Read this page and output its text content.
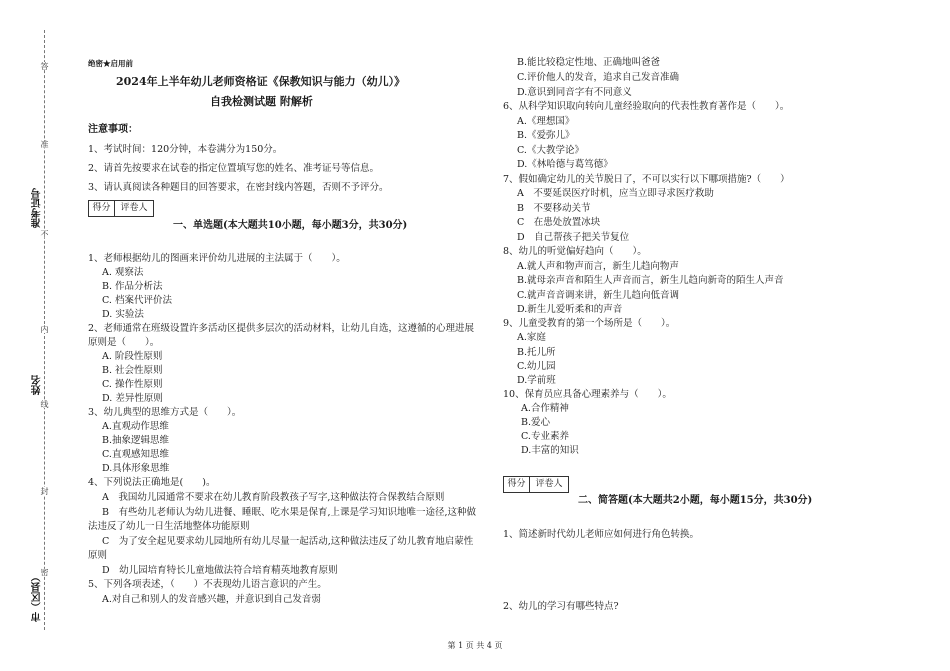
答
准
不
内
线
封
密
准考证号
姓名
市（区县）
绝密★启用前
2024年上半年幼儿老师资格证《保教知识与能力（幼儿）》
自我检测试题 附解析
注意事项：
1、考试时间：120分钟，本卷满分为150分。
2、请首先按要求在试卷的指定位置填写您的姓名、准考证号等信息。
3、请认真阅读各种题目的回答要求，在密封线内答题，否则不予评分。
得分	评卷人
一、单选题(本大题共10小题，每小题3分，共30分)
1、老师根据幼儿的图画来评价幼儿进展的主法属于（　　）。
A. 观察法
B. 作品分析法
C. 档案代评价法
D. 实验法
2、老师通常在班级设置许多活动区提供多层次的活动材料，让幼儿自选，这遵循的心理进展
原则是（　　）。
A. 阶段性原则
B. 社会性原则
C. 操作性原则
D. 差异性原则
3、幼儿典型的思维方式是（　　）。
A.直观动作思维
B.抽象逻辑思维
C.直观感知思维
D.具体形象思维
4、下列说法正确地是(　　)。
A　我国幼儿园通常不要求在幼儿教育阶段教孩子写字,这种做法符合保教结合原则
B　有些幼儿老师认为幼儿进餐、睡眠、吃水果是保育,上课是学习知识地唯一途径,这种做
法违反了幼儿一日生活地整体功能原则
C　为了安全起见要求幼儿园地所有幼儿尽量一起活动,这种做法违反了幼儿教育地启蒙性
原则
D　幼儿园培育特长儿童地做法符合培育精英地教育原则
5、下列各项表述，（　　）不表现幼儿语言意识的产生。
A.对自己和别人的发音感兴趣，并意识到自己发音弱
B.能比较稳定性地、正确地叫爸爸
C.评价他人的发音，追求自己发音准确
D.意识到同音字有不同意义
6、从科学知识取向转向儿童经验取向的代表性教育著作是（　　）。
A.《理想国》
B.《爱弥儿》
C.《大教学论》
D.《林哈德与葛笃德》
7、假如确定幼儿的关节脱日了，不可以实行以下哪项措施?（　　）
A　不要延误医疗时机，应当立即寻求医疗救助
B　不要移动关节
C　在患处放置冰块
D　自己帮孩子把关节复位
8、幼儿的听觉偏好趋向（　　）。
A.就人声和物声而言，新生儿趋向物声
B.就母亲声音和陌生人声音而言，新生儿趋向新奇的陌生人声音
C.就声音音调来讲，新生儿趋向低音调
D.新生儿爱听柔和的声音
9、儿童受教育的第一个场所是（　　）。
A.家庭
B.托儿所
C.幼儿园
D.学前班
10、保育员应具备心理素养与（　　）。
A.合作精神
B.爱心
C.专业素养
D.丰富的知识
得分	评卷人
二、简答题(本大题共2小题，每小题15分，共30分)
1、简述新时代幼儿老师应如何进行角色转换。
2、幼儿的学习有哪些特点?
第 1 页 共 4 页
